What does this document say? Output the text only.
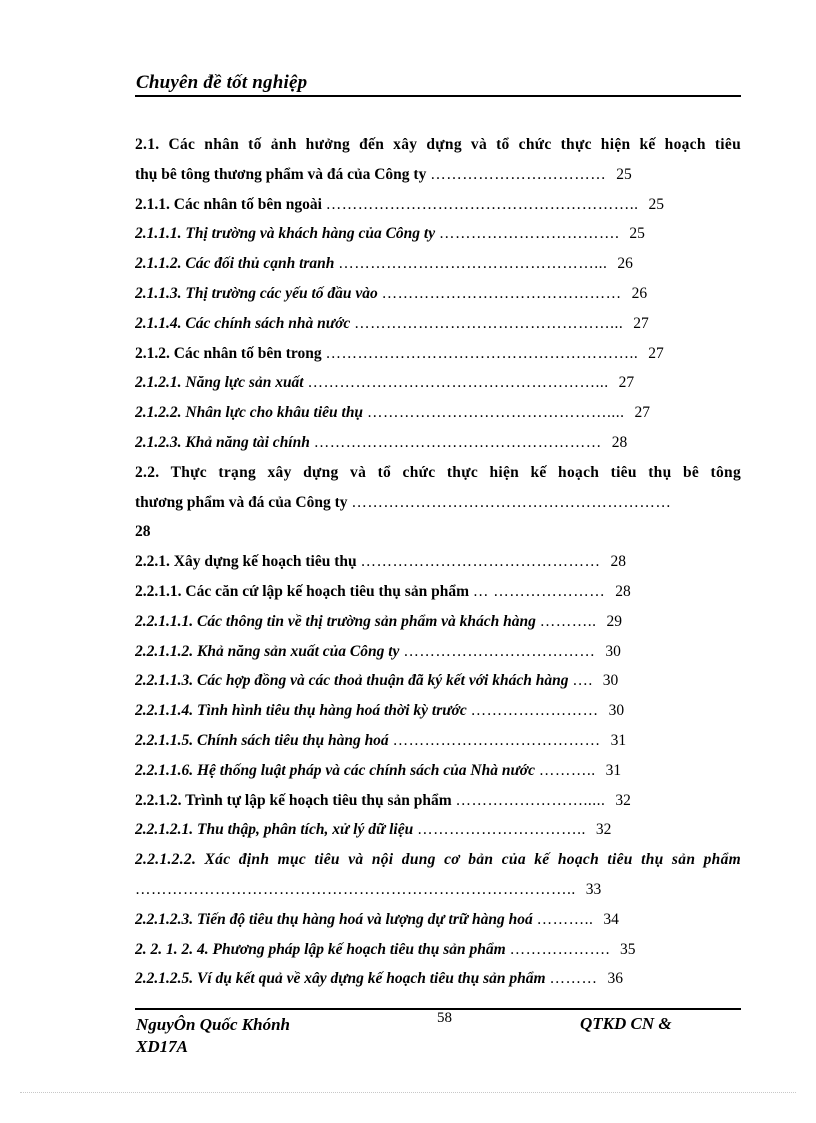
Chuyên đề tốt nghiệp
2.1. Các nhân tố ảnh hưởng đến xây dựng và tổ chức thực hiện kế hoạch tiêu
thụ bê tông thương phẩm và đá của Công ty …………………………… 25
2.1.1. Các nhân tố bên ngoài ………………………………………………….. 25
2.1.1.1. Thị trường và khách hàng của Công ty ……………………………. 25
2.1.1.2. Các đối thủ cạnh tranh …………………………………………... 26
2.1.1.3. Thị trường các yếu tố đầu vào ……………………………………… 26
2.1.1.4. Các chính sách nhà nước …………………………………………... 27
2.1.2. Các nhân tố bên trong ………………………………………………….. 27
2.1.2.1. Năng lực sản xuất ………………………………………………... 27
2.1.2.2. Nhân lực cho khâu tiêu thụ ……………………………………….... 27
2.1.2.3. Khả năng tài chính ……………………………………………… 28
2.2. Thực trạng xây dựng và tổ chức thực hiện kế hoạch tiêu thụ bê tông
thương phẩm và đá của Công ty ……………………………………………………
28
2.2.1. Xây dựng kế hoạch tiêu thụ ……………………………………… 28
2.2.1.1. Các căn cứ lập kế hoạch tiêu thụ sản phẩm … ………………… 28
2.2.1.1.1. Các thông tin về thị trường sản phẩm và khách hàng ……….. 29
2.2.1.1.2. Khả năng sản xuất của Công ty ……………………………… 30
2.2.1.1.3. Các hợp đồng và các thoả thuận đã ký kết với khách hàng …. 30
2.2.1.1.4. Tình hình tiêu thụ hàng hoá thời kỳ trước …………………… 30
2.2.1.1.5. Chính sách tiêu thụ hàng hoá ………………………………… 31
2.2.1.1.6. Hệ thống luật pháp và các chính sách của Nhà nước ……….. 31
2.2.1.2. Trình tự lập kế hoạch tiêu thụ sản phẩm ……………………..... 32
2.2.1.2.1. Thu thập, phân tích, xử lý dữ liệu ………………………….. 32
2.2.1.2.2. Xác định mục tiêu và nội dung cơ bản của kế hoạch tiêu thụ sản phẩm
……………………………………………………………………….. 33
2.2.1.2.3. Tiến độ tiêu thụ hàng hoá và lượng dự trữ hàng hoá ……….. 34
2. 2. 1. 2. 4. Phương pháp lập kế hoạch tiêu thụ sản phẩm ………………. 35
2.2.1.2.5. Ví dụ kết quả về xây dựng kế hoạch tiêu thụ sản phẩm ……… 36
NguyÔn Quốc Khónh
XD17A
58	QTKD CN &
